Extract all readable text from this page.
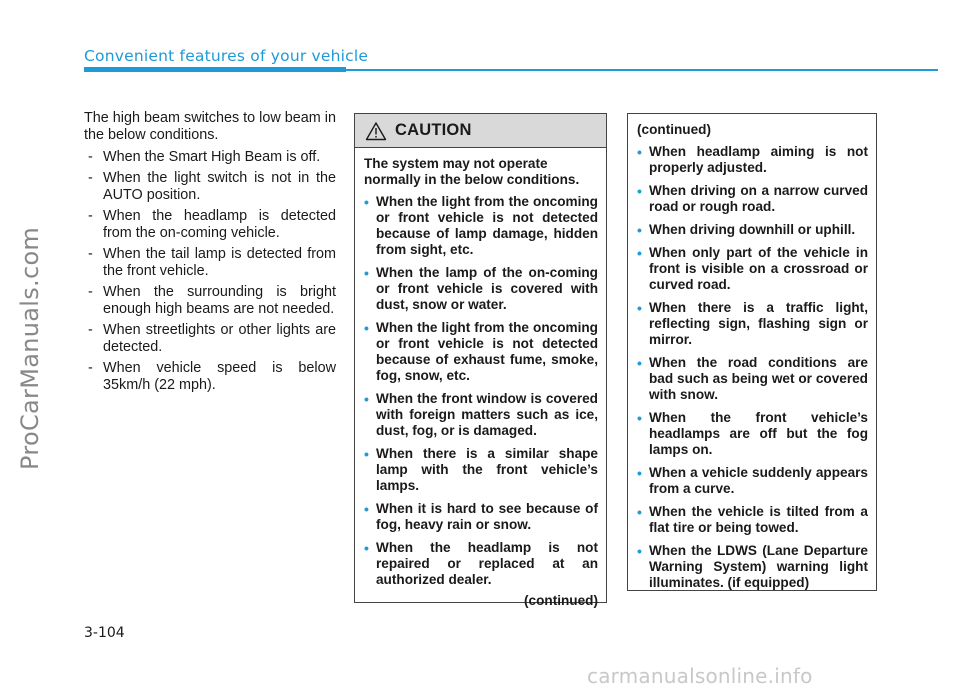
Convenient features of your vehicle
ProCarManuals.com

The high beam switches to low beam in the below conditions.

- When the Smart High Beam is off.
- When the light switch is not in the AUTO position.
- When the headlamp is detected from the on-coming vehicle.
- When the tail lamp is detected from the front vehicle.
- When the surrounding is bright enough high beams are not needed.
- When streetlights or other lights are detected.
- When vehicle speed is below 35km/h (22 mph).
CAUTION

The system may not operate normally in the below conditions.

• When the light from the oncoming or front vehicle is not detected because of lamp damage, hidden from sight, etc.
• When the lamp of the on-coming or front vehicle is covered with dust, snow or water.
• When the light from the oncoming or front vehicle is not detected because of exhaust fume, smoke, fog, snow, etc.
• When the front window is covered with foreign matters such as ice, dust, fog, or is damaged.
• When there is a similar shape lamp with the front vehicle’s lamps.
• When it is hard to see because of fog, heavy rain or snow.
• When the headlamp is not repaired or replaced at an authorized dealer.

(continued)

(continued)

• When headlamp aiming is not properly adjusted.
• When driving on a narrow curved road or rough road.
• When driving downhill or uphill.
• When only part of the vehicle in front is visible on a crossroad or curved road.
• When there is a traffic light, reflecting sign, flashing sign or mirror.
• When the road conditions are bad such as being wet or covered with snow.
• When the front vehicle’s headlamps are off but the fog lamps on.
• When a vehicle suddenly appears from a curve.
• When the vehicle is tilted from a flat tire or being towed.
• When the LDWS (Lane Departure Warning System) warning light illuminates. (if equipped)
3-104
carmanualsonline.info
